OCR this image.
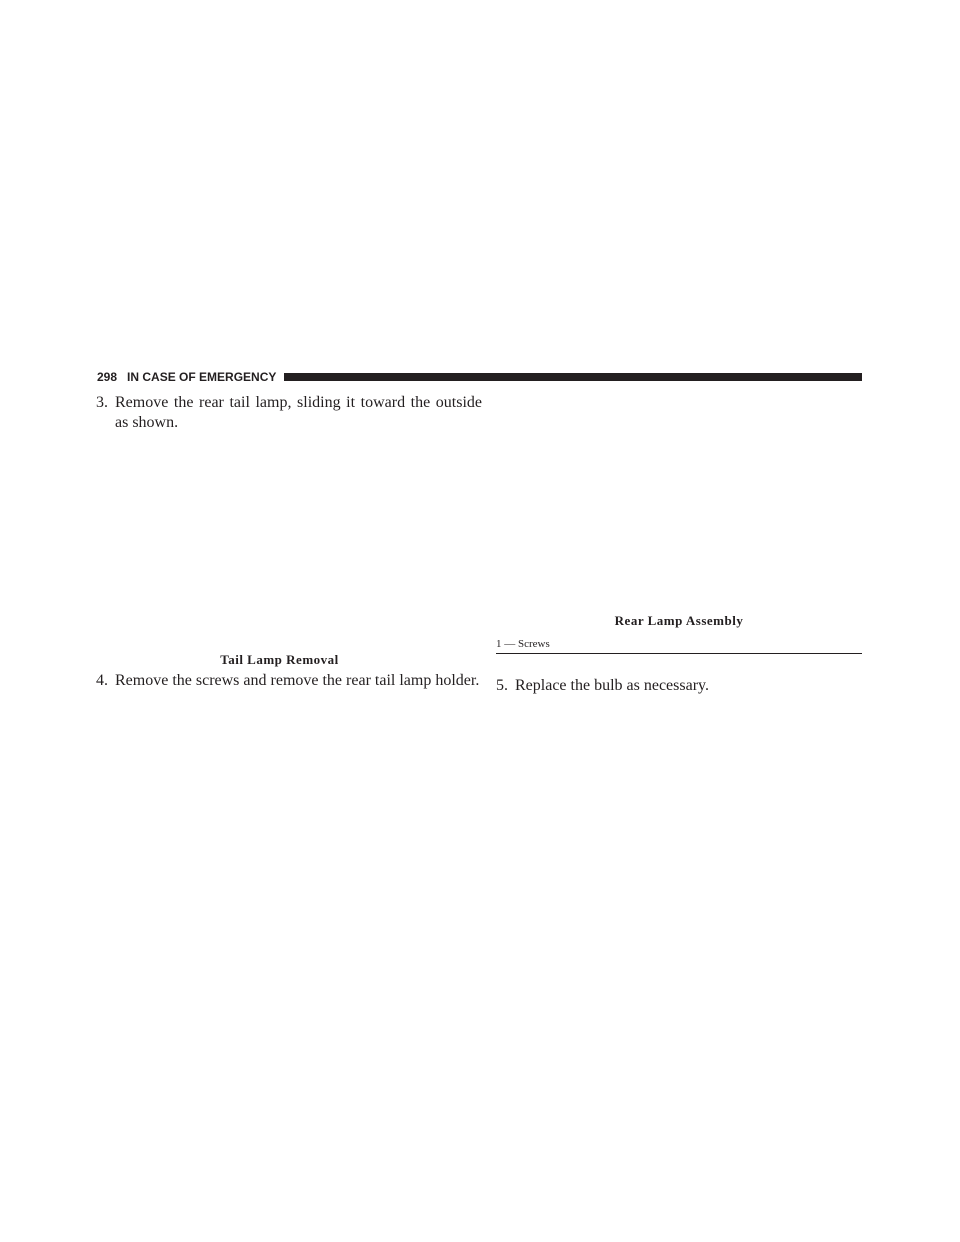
298 IN CASE OF EMERGENCY
3. Remove the rear tail lamp, sliding it toward the outside as shown.
Tail Lamp Removal
4. Remove the screws and remove the rear tail lamp holder.
Rear Lamp Assembly
1 — Screws
5. Replace the bulb as necessary.
